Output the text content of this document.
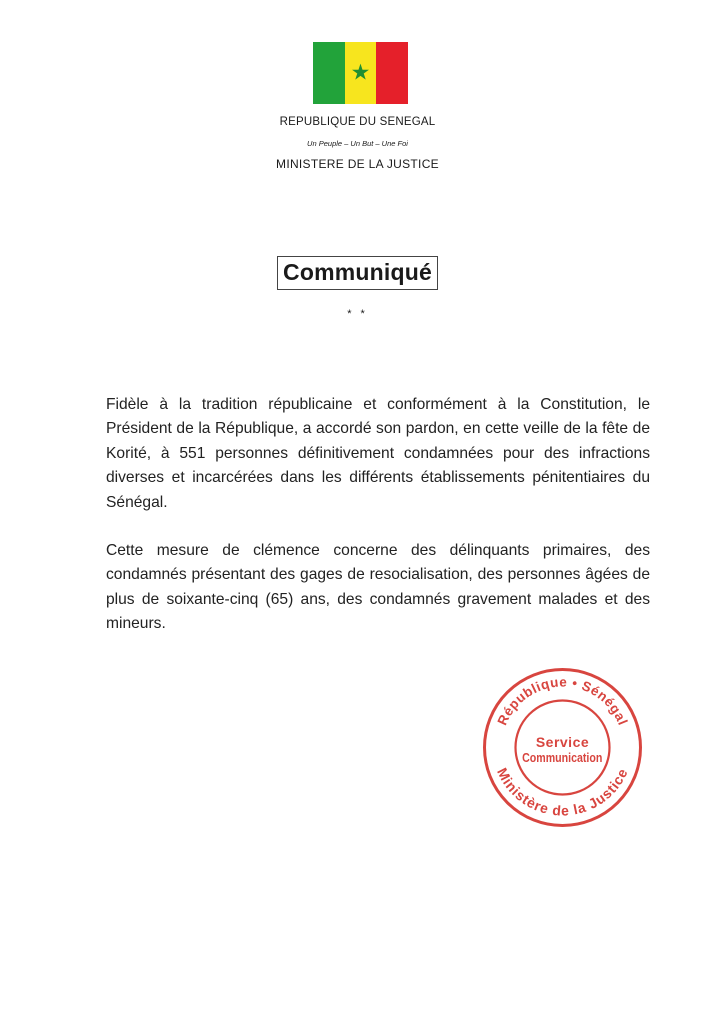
★
REPUBLIQUE DU SENEGAL
Un Peuple – Un But – Une Foi
MINISTERE DE LA JUSTICE
Communiqué
* *

Fidèle à la tradition républicaine et conformément à la Constitution, le Président de la République, a accordé son pardon, en cette veille de la fête de Korité, à 551 personnes définitivement condamnées pour des infractions diverses et incarcérées dans les différents établissements pénitentiaires du Sénégal.

Cette mesure de clémence concerne des délinquants primaires, des condamnés présentant des gages de resocialisation, des personnes âgées de plus de soixante-cinq (65) ans, des condamnés gravement malades et des mineurs.

République • Sénégal
Ministère de la Justice
Service
Communication
